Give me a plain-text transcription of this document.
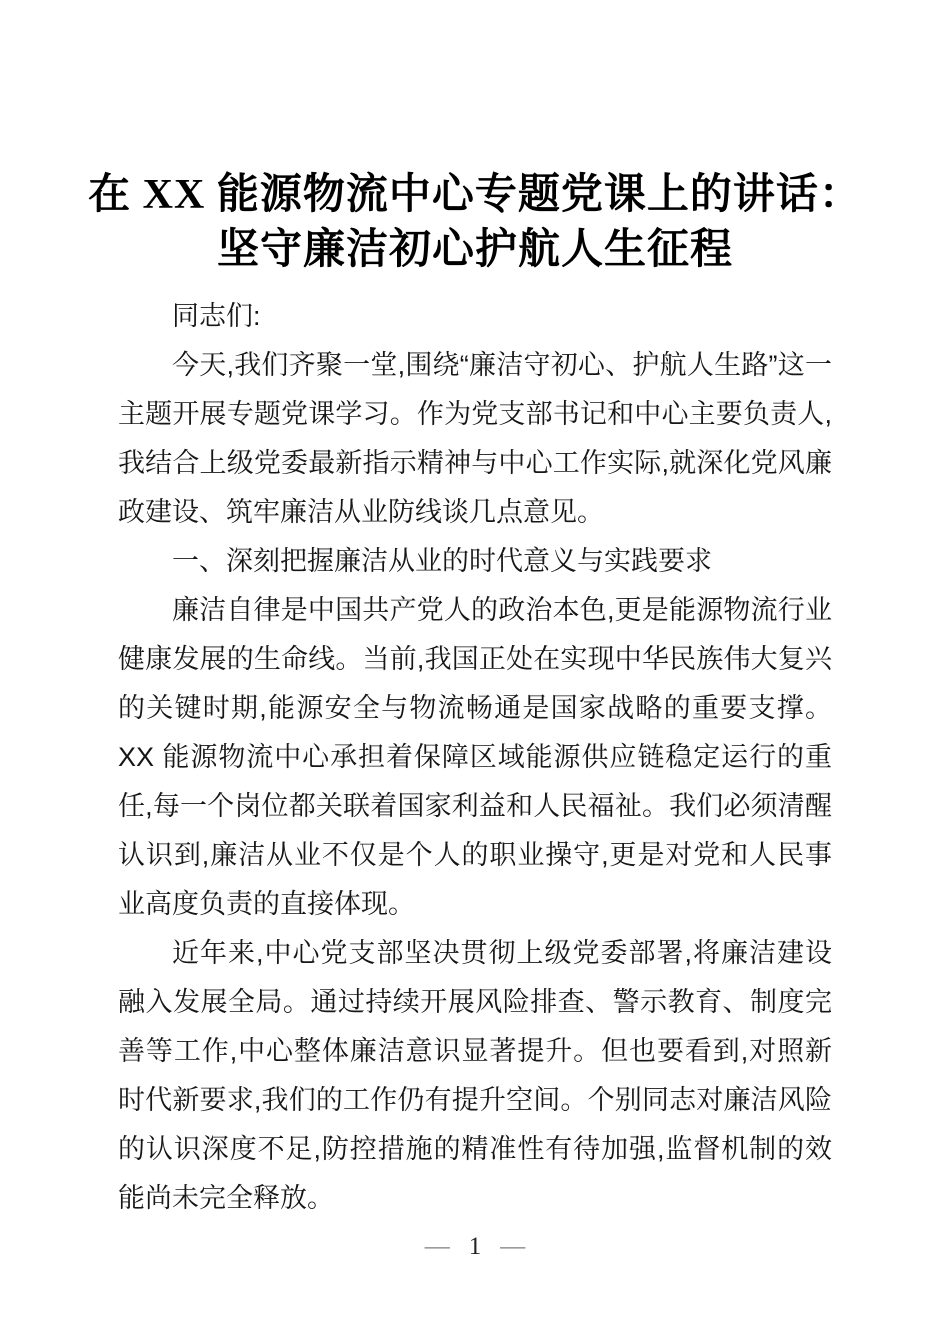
在 XX 能源物流中心专题党课上的讲话：
坚守廉洁初心护航人生征程

同志们:

今天,我们齐聚一堂,围绕“廉洁守初心、护航人生路”这一主题开展专题党课学习。作为党支部书记和中心主要负责人,我结合上级党委最新指示精神与中心工作实际,就深化党风廉政建设、筑牢廉洁从业防线谈几点意见。

一、深刻把握廉洁从业的时代意义与实践要求

廉洁自律是中国共产党人的政治本色,更是能源物流行业健康发展的生命线。当前,我国正处在实现中华民族伟大复兴的关键时期,能源安全与物流畅通是国家战略的重要支撑。XX 能源物流中心承担着保障区域能源供应链稳定运行的重任,每一个岗位都关联着国家利益和人民福祉。我们必须清醒认识到,廉洁从业不仅是个人的职业操守,更是对党和人民事业高度负责的直接体现。

近年来,中心党支部坚决贯彻上级党委部署,将廉洁建设融入发展全局。通过持续开展风险排查、警示教育、制度完善等工作,中心整体廉洁意识显著提升。但也要看到,对照新时代新要求,我们的工作仍有提升空间。个别同志对廉洁风险的认识深度不足,防控措施的精准性有待加强,监督机制的效能尚未完全释放。

— 1 —
